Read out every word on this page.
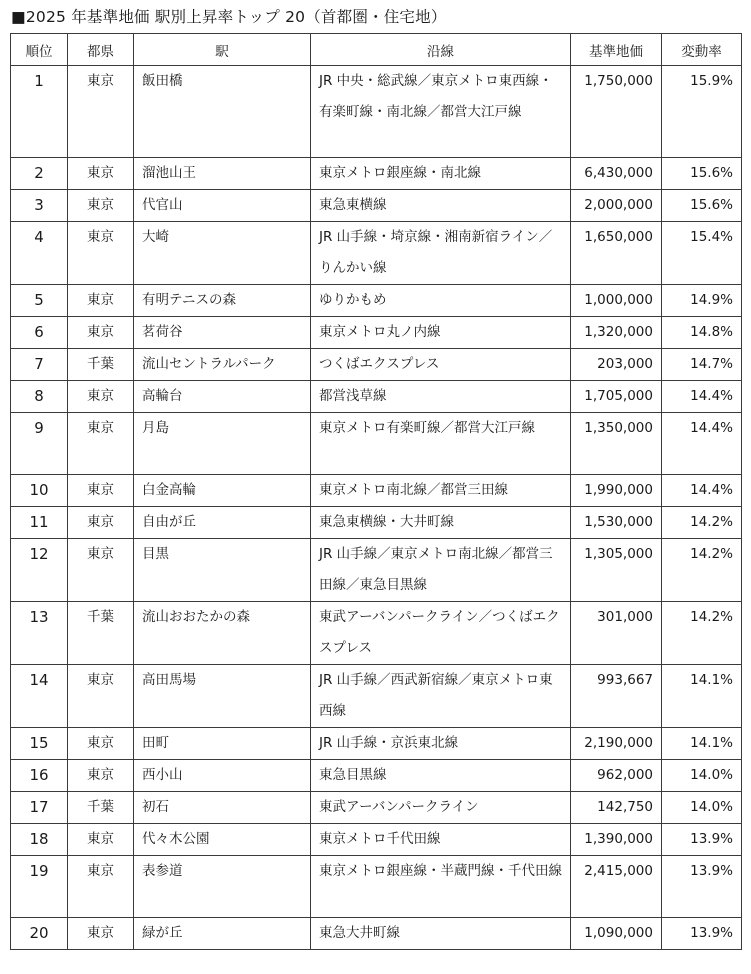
■2025 年基準地価 駅別上昇率トップ 20（首都圏・住宅地）
順位	都県	駅	沿線	基準地価	変動率
1	東京	飯田橋	JR 中央・総武線／東京メトロ東西線・有楽町線・南北線／都営大江戸線	1,750,000	15.9%
2	東京	溜池山王	東京メトロ銀座線・南北線	6,430,000	15.6%
3	東京	代官山	東急東横線	2,000,000	15.6%
4	東京	大崎	JR 山手線・埼京線・湘南新宿ライン／りんかい線	1,650,000	15.4%
5	東京	有明テニスの森	ゆりかもめ	1,000,000	14.9%
6	東京	茗荷谷	東京メトロ丸ノ内線	1,320,000	14.8%
7	千葉	流山セントラルパーク	つくばエクスプレス	203,000	14.7%
8	東京	高輪台	都営浅草線	1,705,000	14.4%
9	東京	月島	東京メトロ有楽町線／都営大江戸線	1,350,000	14.4%
10	東京	白金高輪	東京メトロ南北線／都営三田線	1,990,000	14.4%
11	東京	自由が丘	東急東横線・大井町線	1,530,000	14.2%
12	東京	目黒	JR 山手線／東京メトロ南北線／都営三田線／東急目黒線	1,305,000	14.2%
13	千葉	流山おおたかの森	東武アーバンパークライン／つくばエクスプレス	301,000	14.2%
14	東京	高田馬場	JR 山手線／西武新宿線／東京メトロ東西線	993,667	14.1%
15	東京	田町	JR 山手線・京浜東北線	2,190,000	14.1%
16	東京	西小山	東急目黒線	962,000	14.0%
17	千葉	初石	東武アーバンパークライン	142,750	14.0%
18	東京	代々木公園	東京メトロ千代田線	1,390,000	13.9%
19	東京	表参道	東京メトロ銀座線・半蔵門線・千代田線	2,415,000	13.9%
20	東京	緑が丘	東急大井町線	1,090,000	13.9%
